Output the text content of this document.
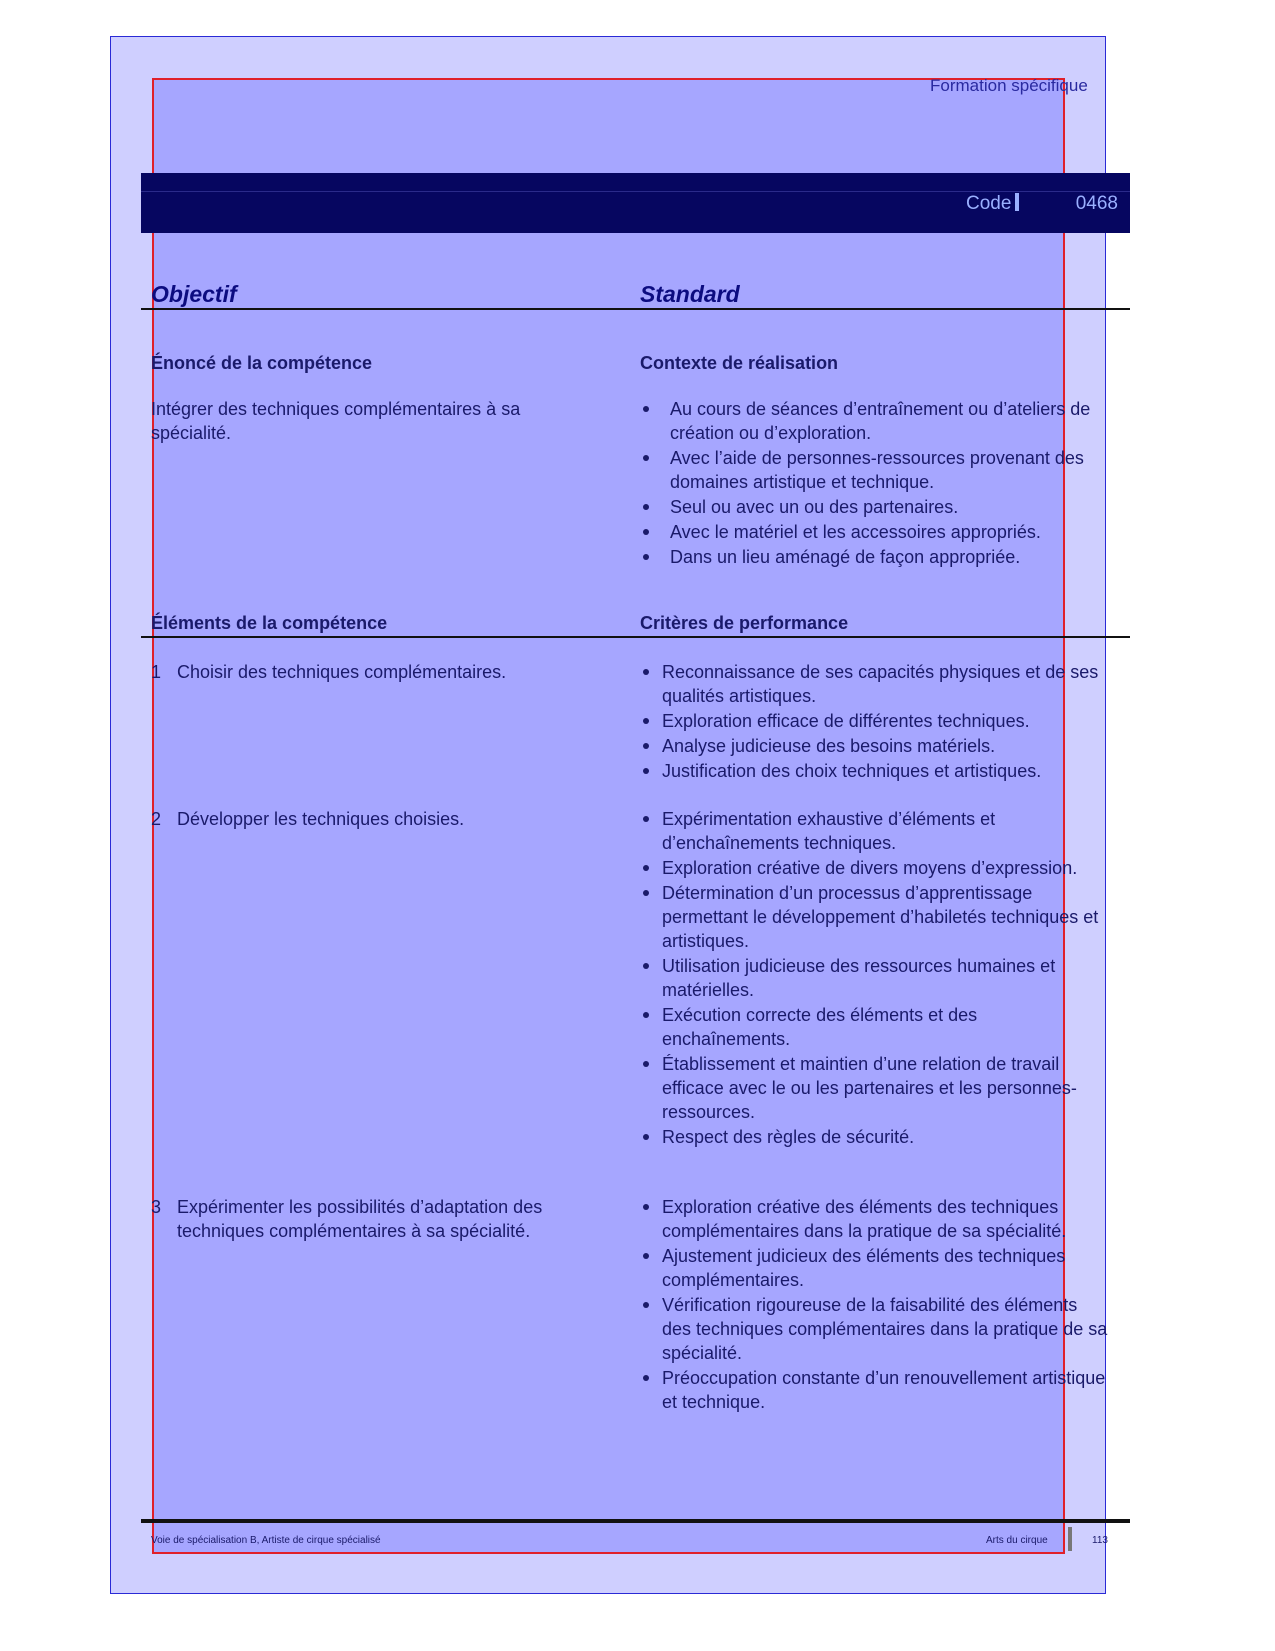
Formation spécifique
Code	0468
Objectif	Standard
Énoncé de la compétence	Contexte de réalisation
Intégrer des techniques complémentaires à sa spécialité.
Au cours de séances d’entraînement ou d’ateliers de création ou d’exploration.
Avec l’aide de personnes-ressources provenant des domaines artistique et technique.
Seul ou avec un ou des partenaires.
Avec le matériel et les accessoires appropriés.
Dans un lieu aménagé de façon appropriée.
Éléments de la compétence	Critères de performance
1 Choisir des techniques complémentaires.	Reconnaissance de ses capacités physiques et de ses qualités artistiques.
Exploration efficace de différentes techniques.
Analyse judicieuse des besoins matériels.
Justification des choix techniques et artistiques.
2 Développer les techniques choisies.	Expérimentation exhaustive d’éléments et d’enchaînements techniques.
Exploration créative de divers moyens d’expression.
Détermination d’un processus d’apprentissage permettant le développement d’habiletés techniques et artistiques.
Utilisation judicieuse des ressources humaines et matérielles.
Exécution correcte des éléments et des enchaînements.
Établissement et maintien d’une relation de travail efficace avec le ou les partenaires et les personnes-ressources.
Respect des règles de sécurité.
3 Expérimenter les possibilités d’adaptation des techniques complémentaires à sa spécialité.
Exploration créative des éléments des techniques complémentaires dans la pratique de sa spécialité.
Ajustement judicieux des éléments des techniques complémentaires.
Vérification rigoureuse de la faisabilité des éléments des techniques complémentaires dans la pratique de sa spécialité.
Préoccupation constante d’un renouvellement artistique et technique.
Voie de spécialisation B, Artiste de cirque spécialisé	Arts du cirque	113
